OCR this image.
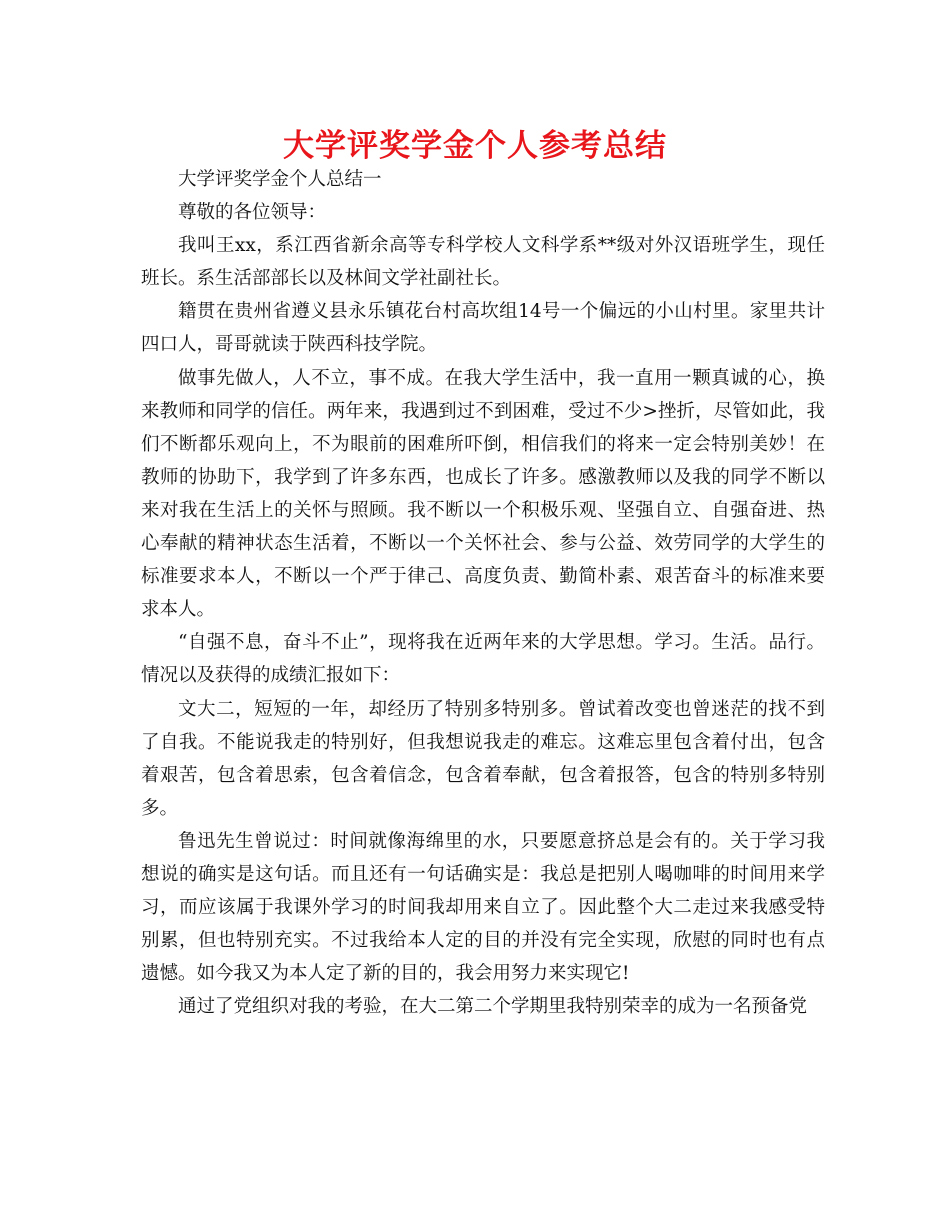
大学评奖学金个人参考总结

大学评奖学金个人总结一

尊敬的各位领导：

我叫王xx，系江西省新余高等专科学校人文科学系**级对外汉语班学生，现任班长。系生活部部长以及林间文学社副社长。

籍贯在贵州省遵义县永乐镇花台村高坎组14号一个偏远的小山村里。家里共计四口人，哥哥就读于陕西科技学院。

做事先做人，人不立，事不成。在我大学生活中，我一直用一颗真诚的心，换来教师和同学的信任。两年来，我遇到过不到困难，受过不少>挫折，尽管如此，我们不断都乐观向上，不为眼前的困难所吓倒，相信我们的将来一定会特别美妙！在教师的协助下，我学到了许多东西，也成长了许多。感激教师以及我的同学不断以来对我在生活上的关怀与照顾。我不断以一个积极乐观、坚强自立、自强奋进、热心奉献的精神状态生活着，不断以一个关怀社会、参与公益、效劳同学的大学生的标准要求本人，不断以一个严于律己、高度负责、勤简朴素、艰苦奋斗的标准来要求本人。

“自强不息，奋斗不止”，现将我在近两年来的大学思想。学习。生活。品行。情况以及获得的成绩汇报如下：

文大二，短短的一年，却经历了特别多特别多。曾试着改变也曾迷茫的找不到了自我。不能说我走的特别好，但我想说我走的难忘。这难忘里包含着付出，包含着艰苦，包含着思索，包含着信念，包含着奉献，包含着报答，包含的特别多特别多。

鲁迅先生曾说过：时间就像海绵里的水，只要愿意挤总是会有的。关于学习我想说的确实是这句话。而且还有一句话确实是：我总是把别人喝咖啡的时间用来学习，而应该属于我课外学习的时间我却用来自立了。因此整个大二走过来我感受特别累，但也特别充实。不过我给本人定的目的并没有完全实现，欣慰的同时也有点遗憾。如今我又为本人定了新的目的，我会用努力来实现它!

通过了党组织对我的考验，在大二第二个学期里我特别荣幸的成为一名预备党
